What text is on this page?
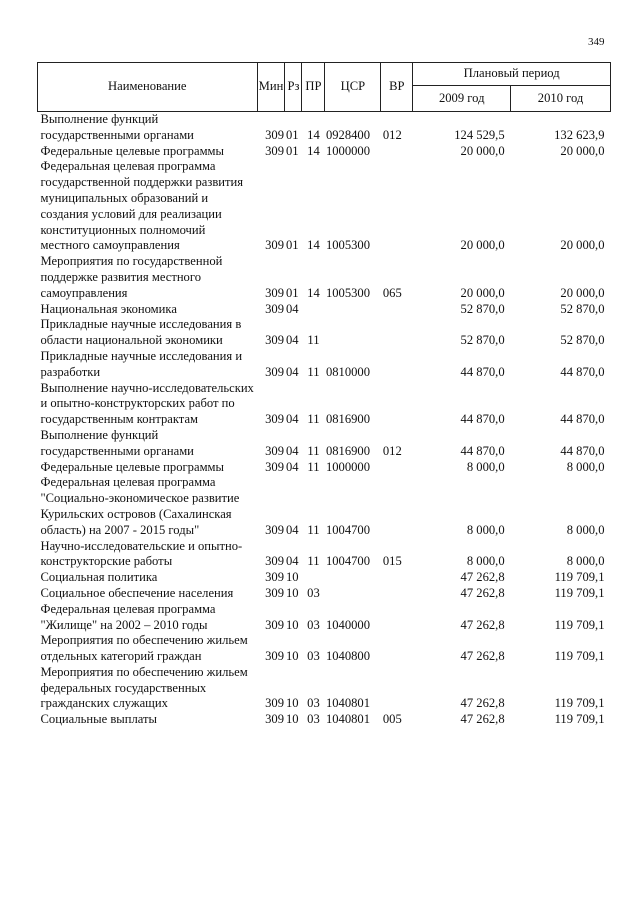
349
Наименование	Мин	Рз	ПР	ЦСР	ВР	Плановый период	
						2009 год	2010 год
Выполнение функций государственными органами	309	01	14	0928400	012	124 529,5	132 623,9
Федеральные целевые программы	309	01	14	1000000		20 000,0	20 000,0
Федеральная целевая программа государственной поддержки развития муниципальных образований и создания условий для реализации конституционных полномочий местного самоуправления	309	01	14	1005300		20 000,0	20 000,0
Мероприятия по государственной поддержке развития местного самоуправления	309	01	14	1005300	065	20 000,0	20 000,0
Национальная экономика	309	04				52 870,0	52 870,0
Прикладные научные исследования в области национальной экономики	309	04	11			52 870,0	52 870,0
Прикладные научные исследования и разработки	309	04	11	0810000		44 870,0	44 870,0
Выполнение научно-исследовательских и опытно-конструкторских работ по государственным контрактам	309	04	11	0816900		44 870,0	44 870,0
Выполнение функций государственными органами	309	04	11	0816900	012	44 870,0	44 870,0
Федеральные целевые программы	309	04	11	1000000		8 000,0	8 000,0
Федеральная целевая программа "Социально-экономическое развитие Курильских островов (Сахалинская область) на 2007 - 2015 годы"	309	04	11	1004700		8 000,0	8 000,0
Научно-исследовательские и опытно-конструкторские работы	309	04	11	1004700	015	8 000,0	8 000,0
Социальная политика	309	10				47 262,8	119 709,1
Социальное обеспечение населения	309	10	03			47 262,8	119 709,1
Федеральная целевая программа "Жилище" на 2002 – 2010 годы	309	10	03	1040000		47 262,8	119 709,1
Мероприятия по обеспечению жильем отдельных категорий граждан	309	10	03	1040800		47 262,8	119 709,1
Мероприятия по обеспечению жильем федеральных государственных гражданских служащих	309	10	03	1040801		47 262,8	119 709,1
Социальные выплаты	309	10	03	1040801	005	47 262,8	119 709,1
